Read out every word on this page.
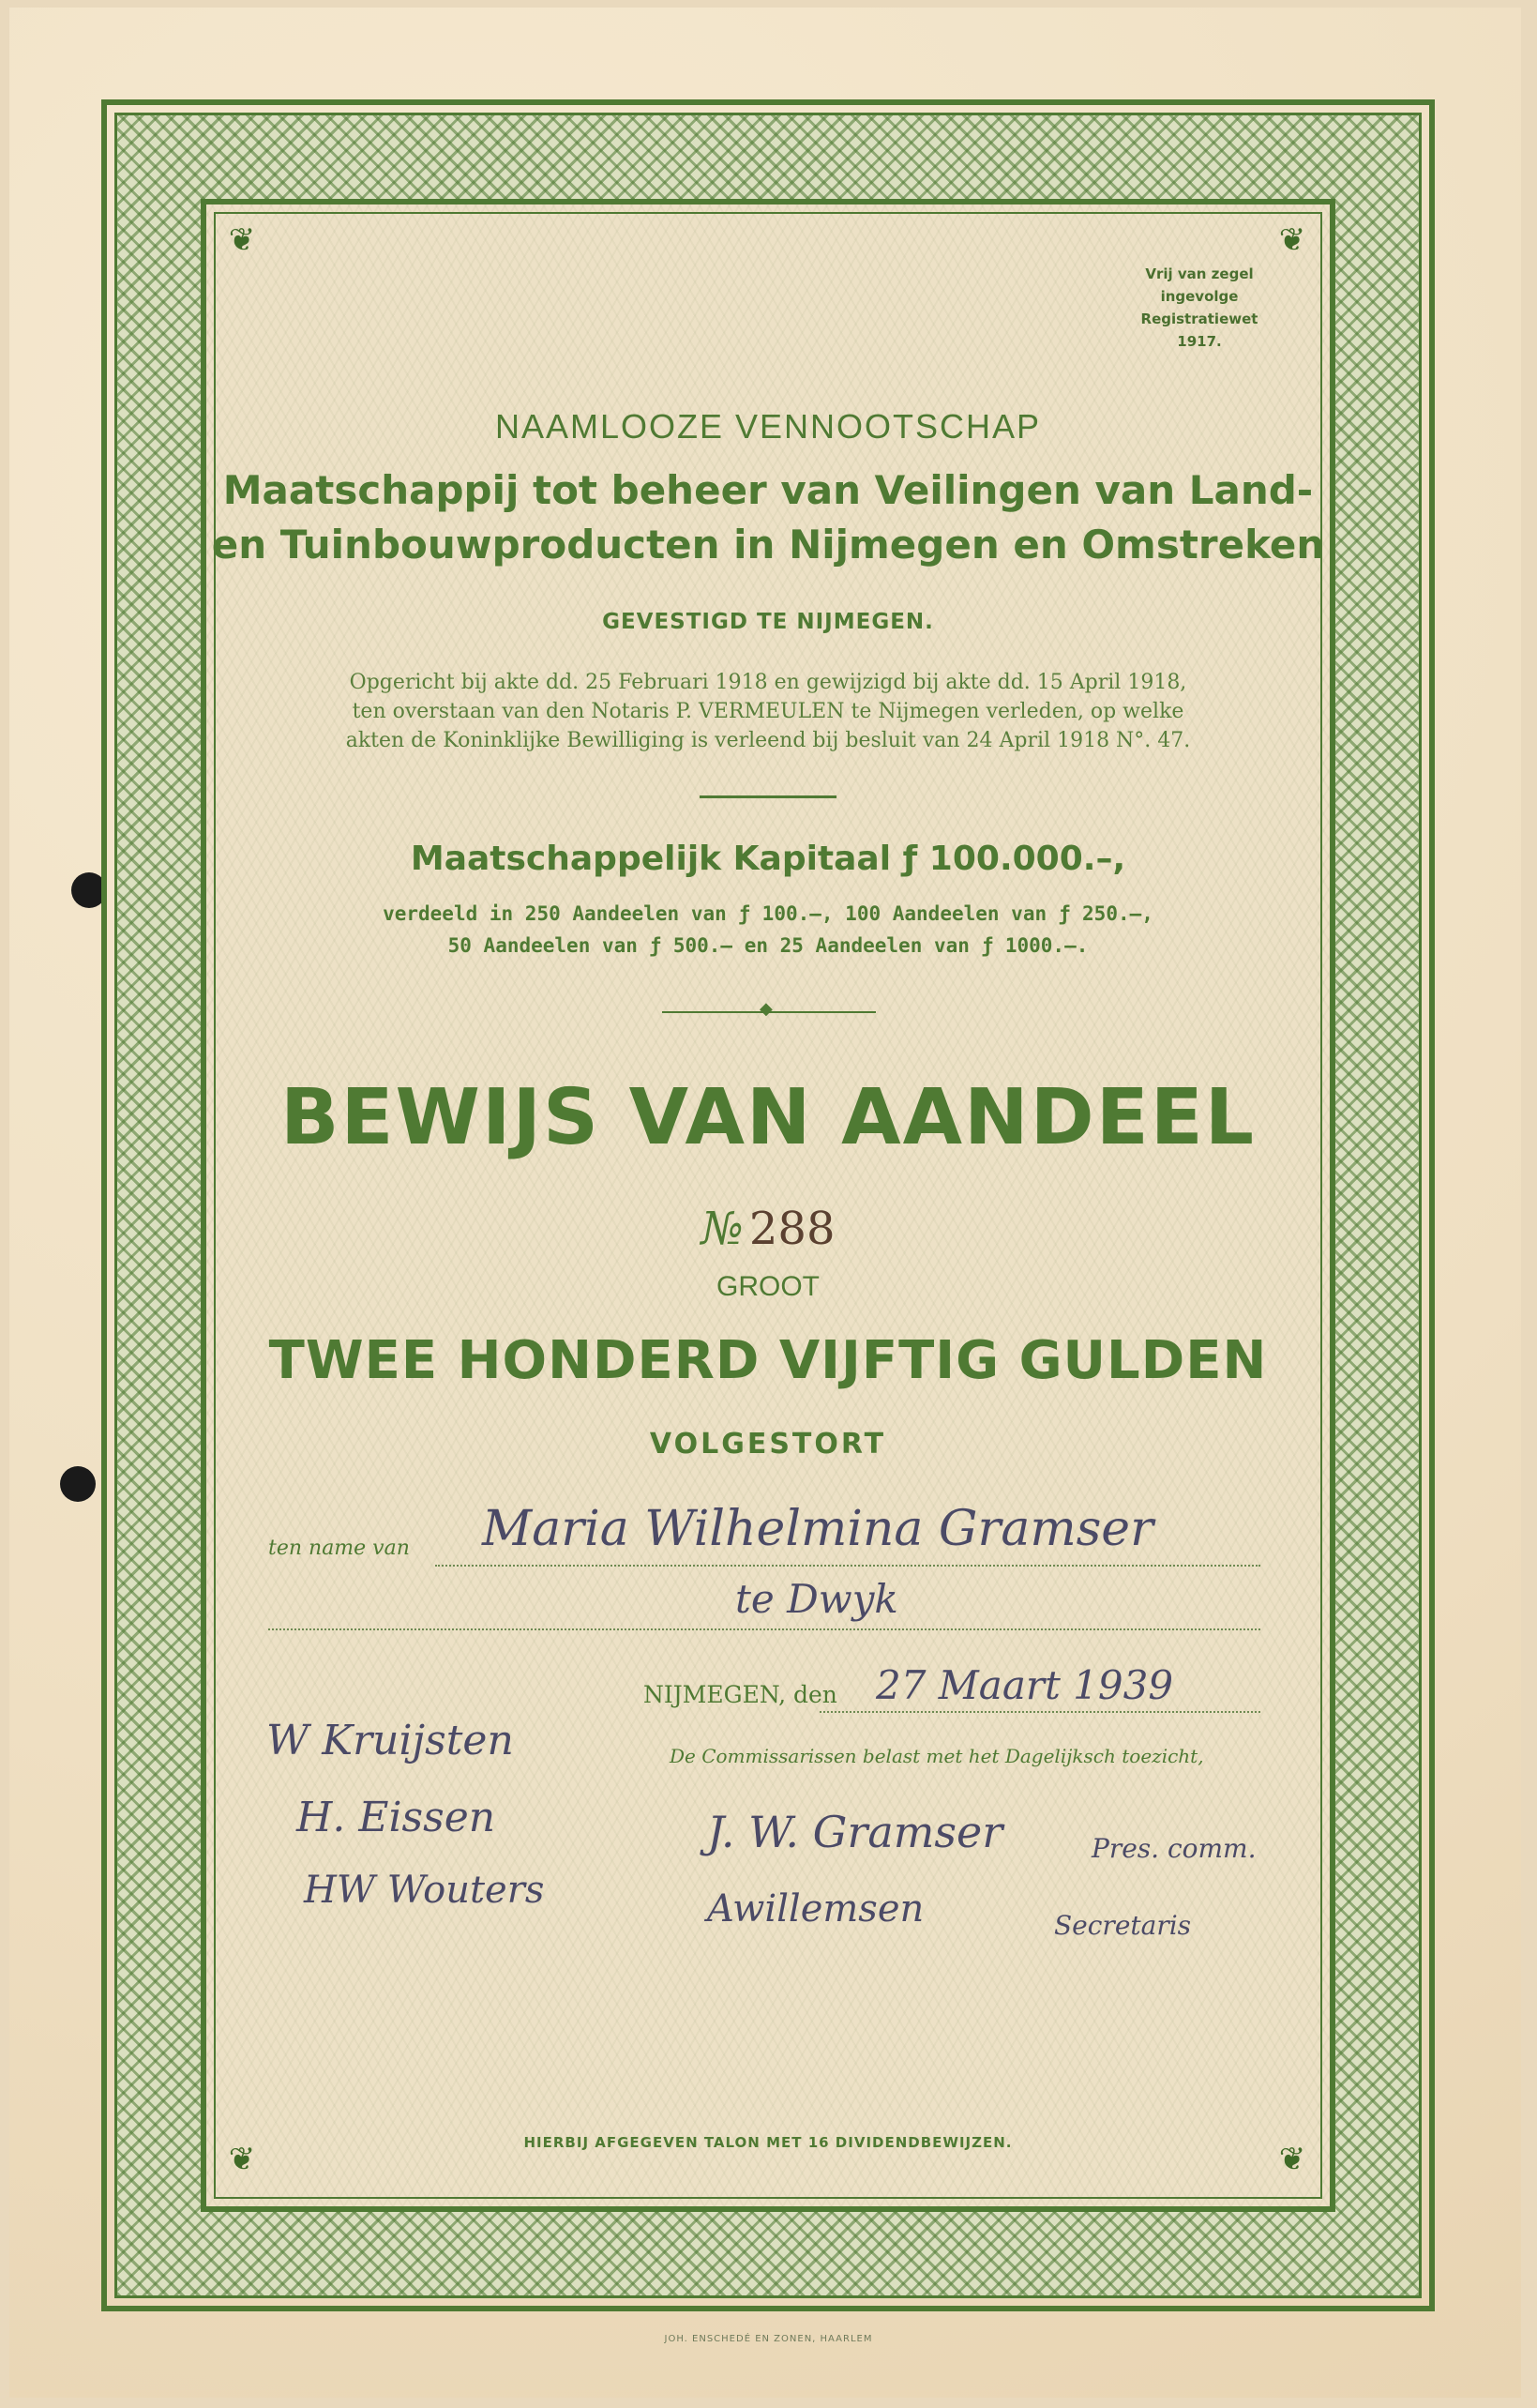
❦	❦
❦	❦
Vrij van zegel
ingevolge
Registratiewet
1917.
NAAMLOOZE VENNOOTSCHAP
Maatschappij tot beheer van Veilingen van Land-
en Tuinbouwproducten in Nijmegen en Omstreken
GEVESTIGD TE NIJMEGEN.
Opgericht bij akte dd. 25 Februari 1918 en gewijzigd bij akte dd. 15 April 1918,
ten overstaan van den Notaris P. VERMEULEN te Nijmegen verleden, op welke
akten de Koninklijke Bewilliging is verleend bij besluit van 24 April 1918 N°. 47.
Maatschappelijk Kapitaal ƒ 100.000.–,
verdeeld in 250 Aandeelen van ƒ 100.–, 100 Aandeelen van ƒ 250.–,
50 Aandeelen van ƒ 500.– en 25 Aandeelen van ƒ 1000.–.
◆
BEWIJS VAN AANDEEL
№ 288
GROOT
TWEE HONDERD VIJFTIG GULDEN
VOLGESTORT
ten name van Maria Wilhelmina Gramser
te Dwyk
NIJMEGEN, den 27 Maart 1939
De Commissarissen belast met het Dagelijksch toezicht,
W Kruijsten
H. Eissen
HW Wouters
J. W. Gramser	Pres. comm.
Awillemsen	Secretaris
HIERBIJ AFGEGEVEN TALON MET 16 DIVIDENDBEWIJZEN.
JOH. ENSCHEDÉ EN ZONEN, HAARLEM
